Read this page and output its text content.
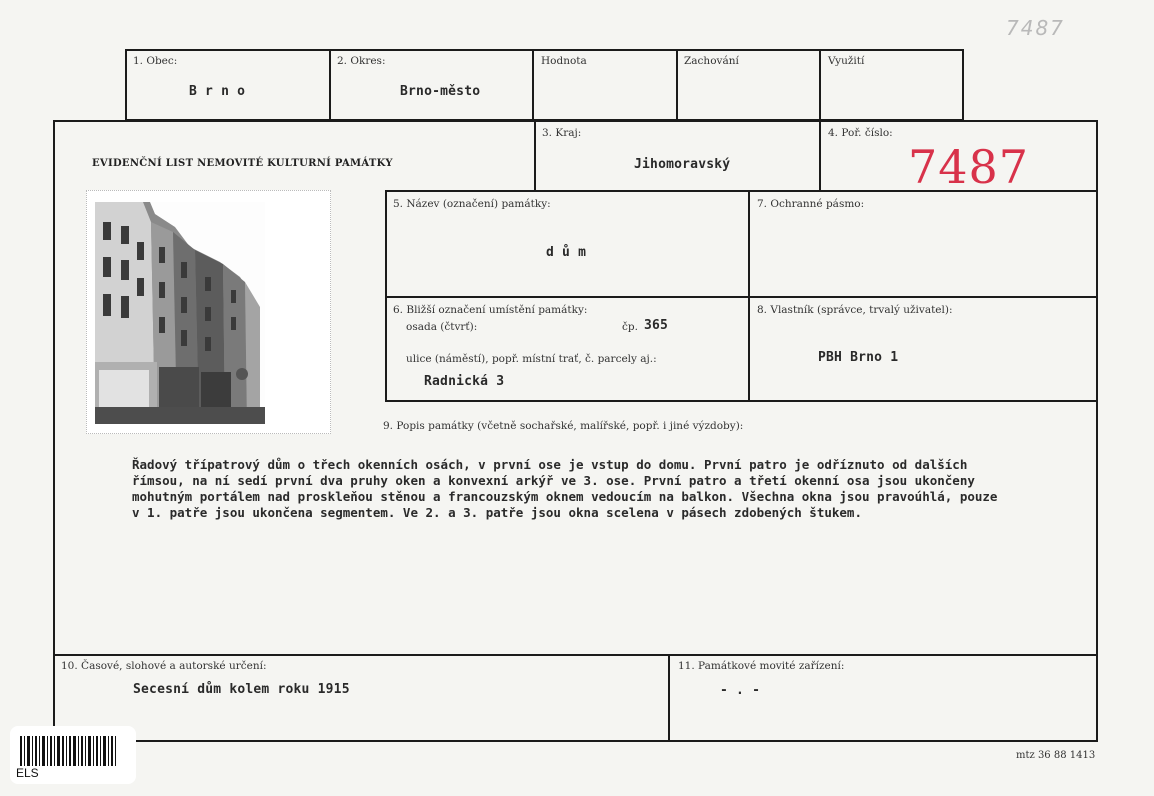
7487
1. Obec:
B r n o
2. Okres:
Brno-město
Hodnota	Zachování	Využití
EVIDENČNÍ LIST NEMOVITÉ KULTURNÍ PAMÁTKY
3. Kraj:
Jihomoravský
4. Poř. číslo:
7487
5. Název (označení) památky:
d ů m
7. Ochranné pásmo:
6. Bližší označení umístění památky:
osada (čtvrť):	čp. 365
ulice (náměstí), popř. místní trať, č. parcely aj.:
Radnická 3
8. Vlastník (správce, trvalý uživatel):
PBH Brno 1
9. Popis památky (včetně sochařské, malířské, popř. i jiné výzdoby):
Řadový třípatrový dům o třech okenních osách, v první ose je vstup do domu. První patro je odříznuto od dalších
římsou, na ní sedí první dva pruhy oken a konvexní arkýř ve 3. ose. První patro a třetí okenní osa jsou ukončeny
mohutným portálem nad proskleňou stěnou a francouzským oknem vedoucím na balkon. Všechna okna jsou pravoúhlá, pouze
v 1. patře jsou ukončena segmentem. Ve 2. a 3. patře jsou okna scelena v pásech zdobených štukem.
10. Časové, slohové a autorské určení:
Secesní dům kolem roku 1915
11. Památkové movité zařízení:
- . -
mtz 36 88 1413
ELS
